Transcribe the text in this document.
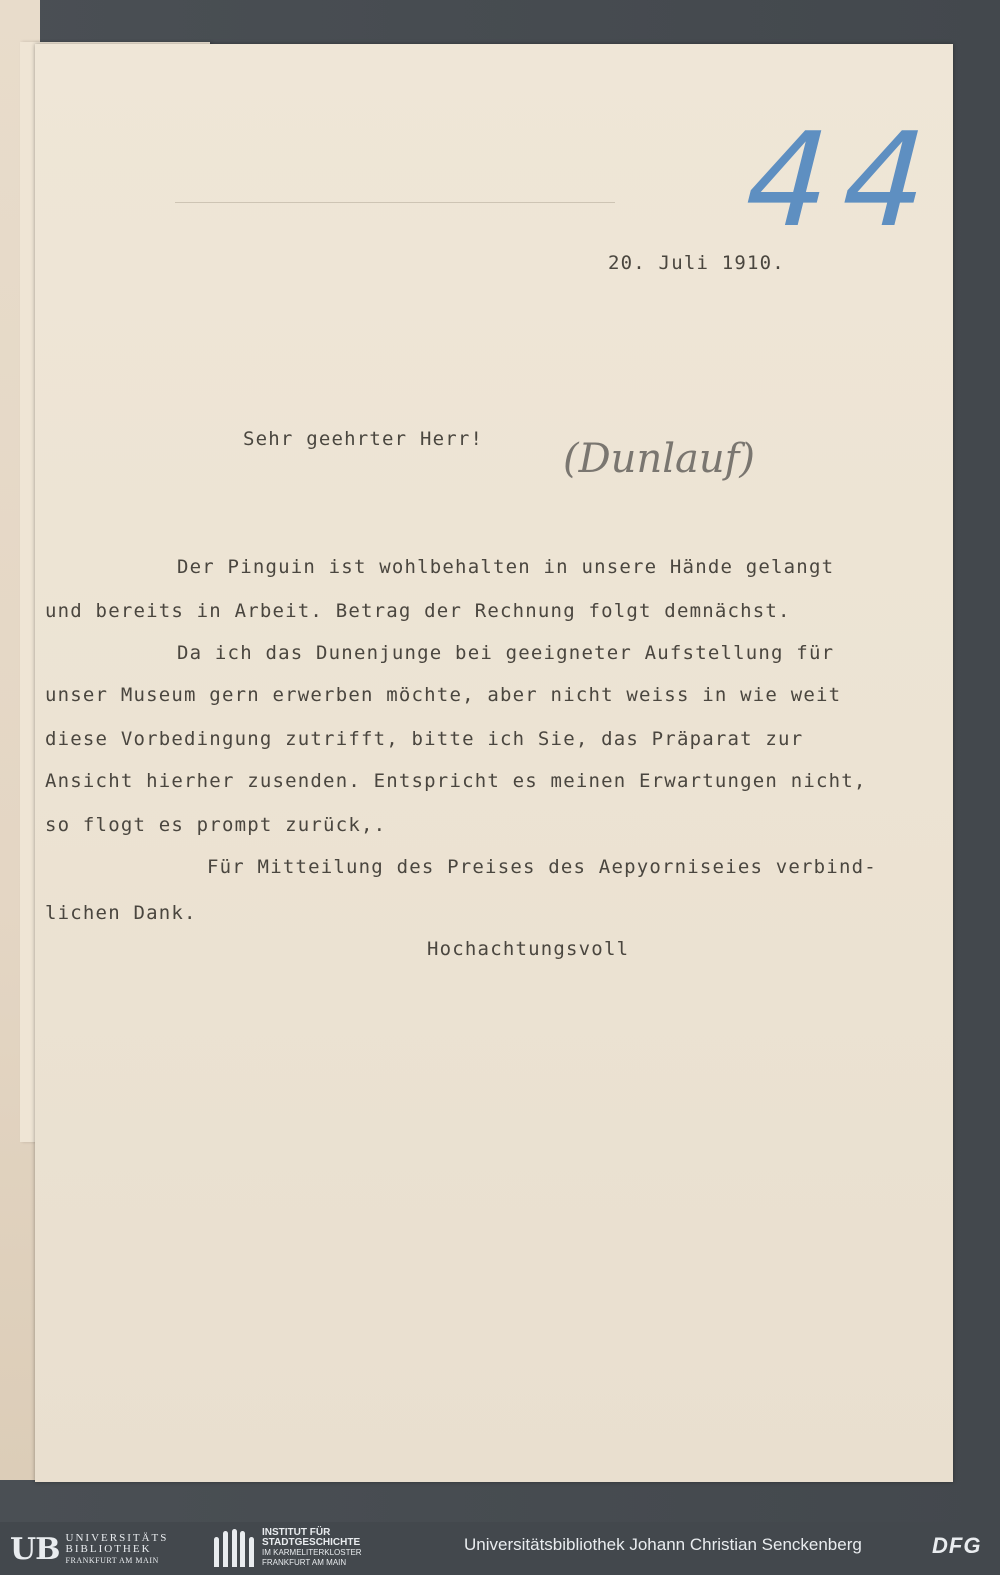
44
20. Juli 1910.
Sehr geehrter Herr! (Dunlauf)
Der Pinguin ist wohlbehalten in unsere Hände gelangt
und bereits in Arbeit. Betrag der Rechnung folgt demnächst.
Da ich das Dunenjunge bei geeigneter Aufstellung für
unser Museum gern erwerben möchte, aber nicht weiss in wie weit
diese Vorbedingung zutrifft, bitte ich Sie, das Präparat zur
Ansicht hierher zusenden. Entspricht es meinen Erwartungen nicht,
so flogt es prompt zurück,.
Für Mitteilung des Preises des Aepyorniseies verbind-
lichen Dank.
Hochachtungsvoll
UB UNIVERSITÄTS
BIBLIOTHEK
FRANKFURT AM MAIN
INSTITUT FÜR
STADTGESCHICHTE
IM KARMELITERKLOSTER
FRANKFURT AM MAIN
Universitätsbibliothek Johann Christian Senckenberg	DFG
